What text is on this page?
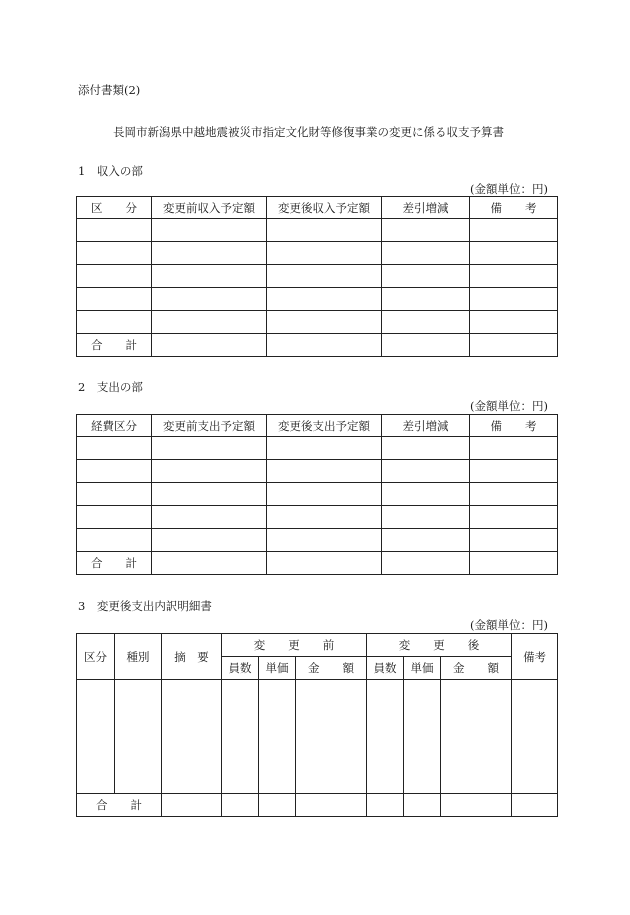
添付書類(2)
長岡市新潟県中越地震被災市指定文化財等修復事業の変更に係る収支予算書
1　収入の部
(金額単位：円)
区　　分	変更前収入予定額	変更後収入予定額	差引増減	備　　考

合　　計				
2　支出の部
(金額単位：円)
経費区分	変更前支出予定額	変更後支出予定額	差引増減	備　　考

合　　計				
3　変更後支出内訳明細書
(金額単位：円)
区分	種別	摘　要	変　　更　　前			変　　更　　後			備考
			員数	単価	金　　額	員数	単価	金　　額	

合　　計									
